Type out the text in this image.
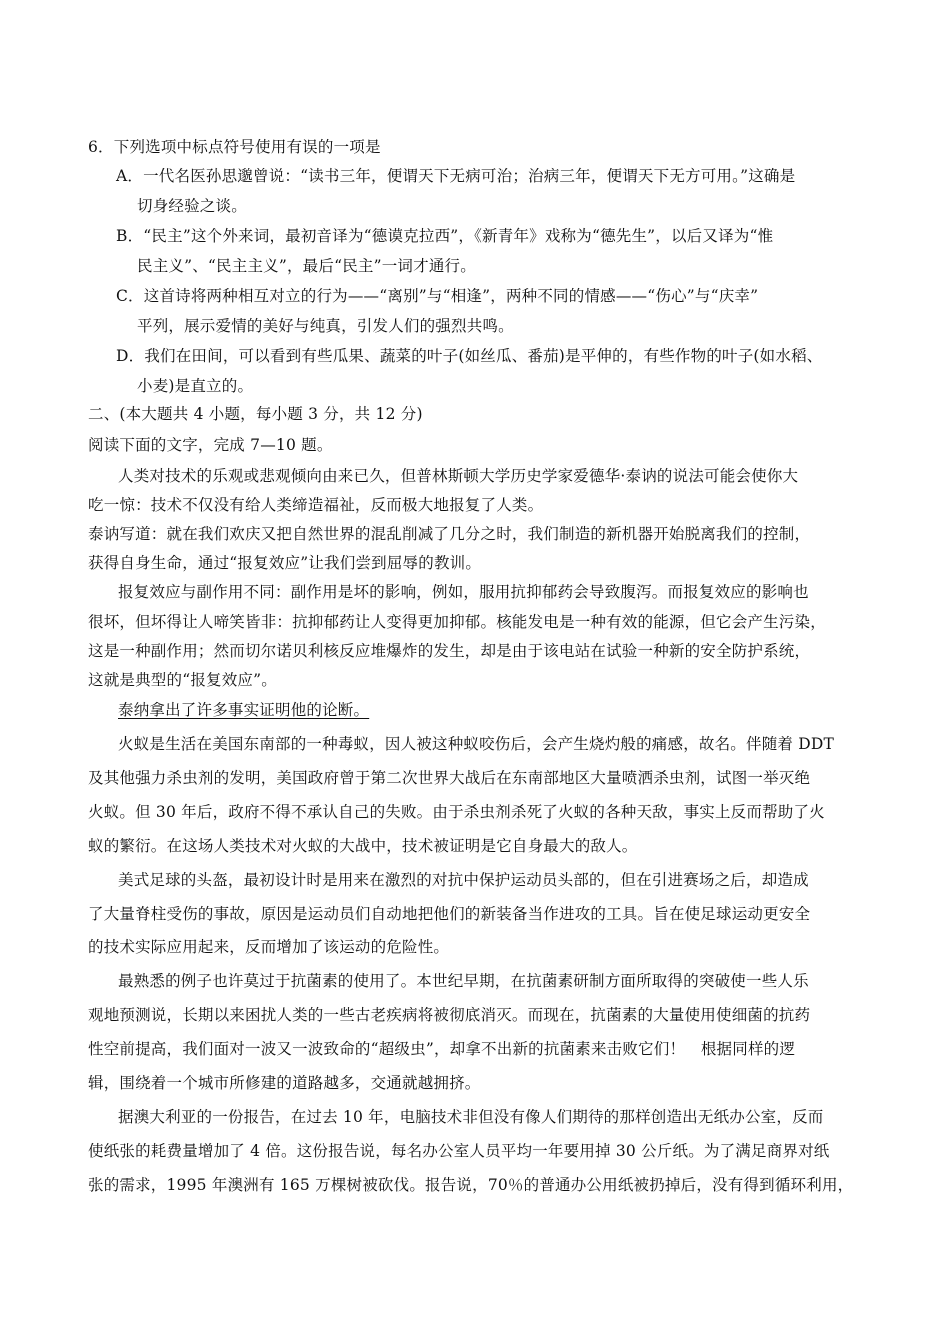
6．下列选项中标点符号使用有误的一项是
A．一代名医孙思邈曾说：“读书三年，便谓天下无病可治；治病三年，便谓天下无方可用。”这确是
切身经验之谈。
B．“民主”这个外来词，最初音译为“德谟克拉西”，《新青年》戏称为“德先生”，以后又译为“惟
民主义”、“民主主义”，最后“民主”一词才通行。
C．这首诗将两种相互对立的行为——“离别”与“相逢”，两种不同的情感——“伤心”与“庆幸”
平列，展示爱情的美好与纯真，引发人们的强烈共鸣。
D．我们在田间，可以看到有些瓜果、蔬菜的叶子(如丝瓜、番茄)是平伸的，有些作物的叶子(如水稻、
小麦)是直立的。
二、(本大题共 4 小题，每小题 3 分，共 12 分)
阅读下面的文字，完成 7—10 题。
人类对技术的乐观或悲观倾向由来已久，但普林斯顿大学历史学家爱德华·泰讷的说法可能会使你大
吃一惊：技术不仅没有给人类缔造福祉，反而极大地报复了人类。
泰讷写道：就在我们欢庆又把自然世界的混乱削减了几分之时，我们制造的新机器开始脱离我们的控制，
获得自身生命，通过“报复效应”让我们尝到屈辱的教训。
报复效应与副作用不同：副作用是坏的影响，例如，服用抗抑郁药会导致腹泻。而报复效应的影响也
很坏，但坏得让人啼笑皆非：抗抑郁药让人变得更加抑郁。核能发电是一种有效的能源，但它会产生污染，
这是一种副作用；然而切尔诺贝利核反应堆爆炸的发生，却是由于该电站在试验一种新的安全防护系统，
这就是典型的“报复效应”。
泰纳拿出了许多事实证明他的论断。
火蚁是生活在美国东南部的一种毒蚁，因人被这种蚁咬伤后，会产生烧灼般的痛感，故名。伴随着 DDT
及其他强力杀虫剂的发明，美国政府曾于第二次世界大战后在东南部地区大量喷洒杀虫剂，试图一举灭绝
火蚁。但 30 年后，政府不得不承认自己的失败。由于杀虫剂杀死了火蚁的各种天敌，事实上反而帮助了火
蚁的繁衍。在这场人类技术对火蚁的大战中，技术被证明是它自身最大的敌人。
美式足球的头盔，最初设计时是用来在激烈的对抗中保护运动员头部的，但在引进赛场之后，却造成
了大量脊柱受伤的事故，原因是运动员们自动地把他们的新装备当作进攻的工具。旨在使足球运动更安全
的技术实际应用起来，反而增加了该运动的危险性。
最熟悉的例子也许莫过于抗菌素的使用了。本世纪早期，在抗菌素研制方面所取得的突破使一些人乐
观地预测说，长期以来困扰人类的一些古老疾病将被彻底消灭。而现在，抗菌素的大量使用使细菌的抗药
性空前提高，我们面对一波又一波致命的“超级虫”，却拿不出新的抗菌素来击败它们！　根据同样的逻
辑，围绕着一个城市所修建的道路越多，交通就越拥挤。
据澳大利亚的一份报告，在过去 10 年，电脑技术非但没有像人们期待的那样创造出无纸办公室，反而
使纸张的耗费量增加了 4 倍。这份报告说，每名办公室人员平均一年要用掉 30 公斤纸。为了满足商界对纸
张的需求，1995 年澳洲有 165 万棵树被砍伐。报告说，70％的普通办公用纸被扔掉后，没有得到循环利用，
